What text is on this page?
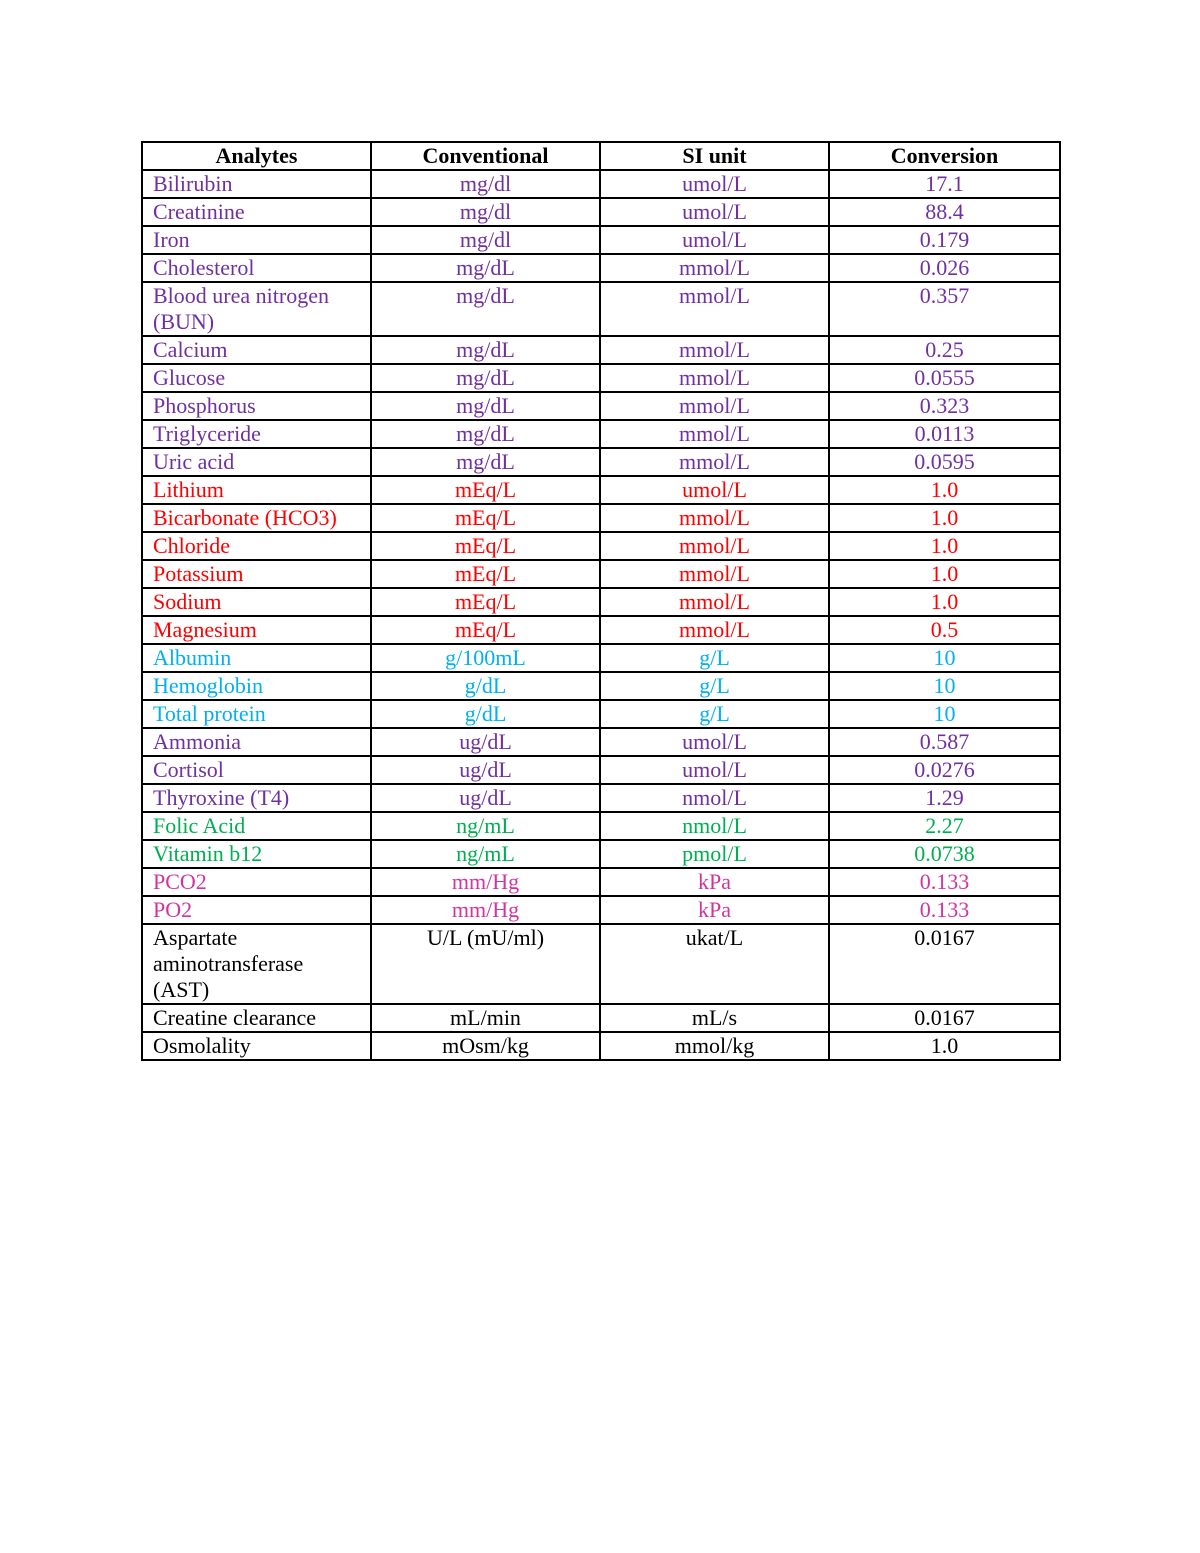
Analytes	Conventional	SI unit	Conversion
Bilirubin	mg/dl	umol/L	17.1
Creatinine	mg/dl	umol/L	88.4
Iron	mg/dl	umol/L	0.179
Cholesterol	mg/dL	mmol/L	0.026
Blood urea nitrogen (BUN)	mg/dL	mmol/L	0.357
Calcium	mg/dL	mmol/L	0.25
Glucose	mg/dL	mmol/L	0.0555
Phosphorus	mg/dL	mmol/L	0.323
Triglyceride	mg/dL	mmol/L	0.0113
Uric acid	mg/dL	mmol/L	0.0595
Lithium	mEq/L	umol/L	1.0
Bicarbonate (HCO3)	mEq/L	mmol/L	1.0
Chloride	mEq/L	mmol/L	1.0
Potassium	mEq/L	mmol/L	1.0
Sodium	mEq/L	mmol/L	1.0
Magnesium	mEq/L	mmol/L	0.5
Albumin	g/100mL	g/L	10
Hemoglobin	g/dL	g/L	10
Total protein	g/dL	g/L	10
Ammonia	ug/dL	umol/L	0.587
Cortisol	ug/dL	umol/L	0.0276
Thyroxine (T4)	ug/dL	nmol/L	1.29
Folic Acid	ng/mL	nmol/L	2.27
Vitamin b12	ng/mL	pmol/L	0.0738
PCO2	mm/Hg	kPa	0.133
PO2	mm/Hg	kPa	0.133
Aspartate aminotransferase (AST)	U/L (mU/ml)	ukat/L	0.0167
Creatine clearance	mL/min	mL/s	0.0167
Osmolality	mOsm/kg	mmol/kg	1.0
